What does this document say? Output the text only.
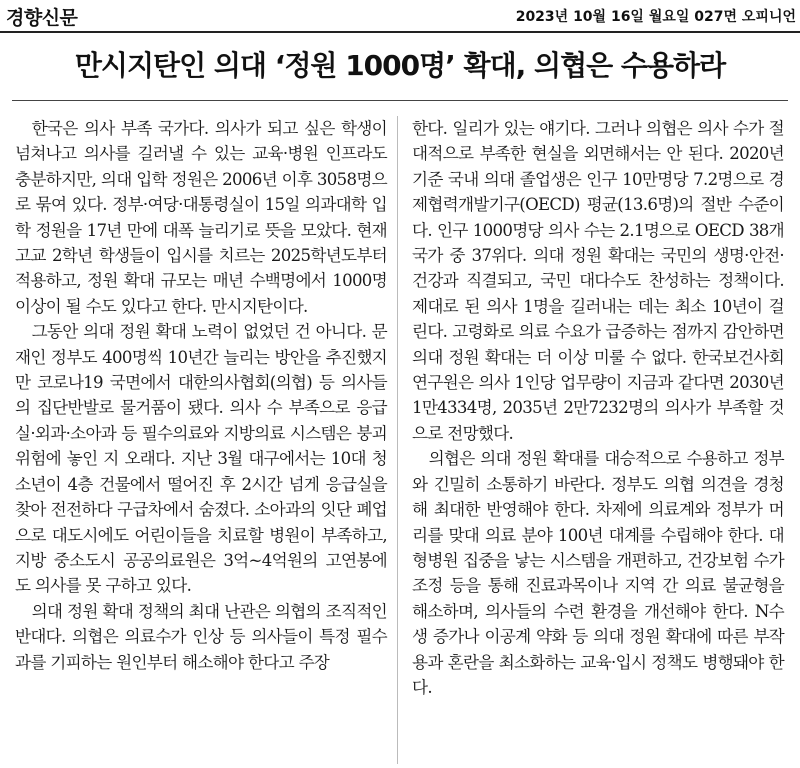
경향신문	2023년 10월 16일 월요일 027면 오피니언
만시지탄인 의대 ‘정원 1000명’ 확대, 의협은 수용하라

한국은 의사 부족 국가다. 의사가 되고 싶은 학생이 넘쳐나고 의사를 길러낼 수 있는 교육·병원 인프라도 충분하지만, 의대 입학 정원은 2006년 이후 3058명으로 묶여 있다. 정부·여당·대통령실이 15일 의과대학 입학 정원을 17년 만에 대폭 늘리기로 뜻을 모았다. 현재 고교 2학년 학생들이 입시를 치르는 2025학년도부터 적용하고, 정원 확대 규모는 매년 수백명에서 1000명 이상이 될 수도 있다고 한다. 만시지탄이다.

그동안 의대 정원 확대 노력이 없었던 건 아니다. 문재인 정부도 400명씩 10년간 늘리는 방안을 추진했지만 코로나19 국면에서 대한의사협회(의협) 등 의사들의 집단반발로 물거품이 됐다. 의사 수 부족으로 응급실·외과·소아과 등 필수의료와 지방의료 시스템은 붕괴 위험에 놓인 지 오래다. 지난 3월 대구에서는 10대 청소년이 4층 건물에서 떨어진 후 2시간 넘게 응급실을 찾아 전전하다 구급차에서 숨졌다. 소아과의 잇단 폐업으로 대도시에도 어린이들을 치료할 병원이 부족하고, 지방 중소도시 공공의료원은 3억~4억원의 고연봉에도 의사를 못 구하고 있다.

의대 정원 확대 정책의 최대 난관은 의협의 조직적인 반대다. 의협은 의료수가 인상 등 의사들이 특정 필수과를 기피하는 원인부터 해소해야 한다고 주장

한다. 일리가 있는 얘기다. 그러나 의협은 의사 수가 절대적으로 부족한 현실을 외면해서는 안 된다. 2020년 기준 국내 의대 졸업생은 인구 10만명당 7.2명으로 경제협력개발기구(OECD) 평균(13.6명)의 절반 수준이다. 인구 1000명당 의사 수는 2.1명으로 OECD 38개 국가 중 37위다. 의대 정원 확대는 국민의 생명·안전·건강과 직결되고, 국민 대다수도 찬성하는 정책이다. 제대로 된 의사 1명을 길러내는 데는 최소 10년이 걸린다. 고령화로 의료 수요가 급증하는 점까지 감안하면 의대 정원 확대는 더 이상 미룰 수 없다. 한국보건사회연구원은 의사 1인당 업무량이 지금과 같다면 2030년 1만4334명, 2035년 2만7232명의 의사가 부족할 것으로 전망했다.

의협은 의대 정원 확대를 대승적으로 수용하고 정부와 긴밀히 소통하기 바란다. 정부도 의협 의견을 경청해 최대한 반영해야 한다. 차제에 의료계와 정부가 머리를 맞대 의료 분야 100년 대계를 수립해야 한다. 대형병원 집중을 낳는 시스템을 개편하고, 건강보험 수가 조정 등을 통해 진료과목이나 지역 간 의료 불균형을 해소하며, 의사들의 수련 환경을 개선해야 한다. N수생 증가나 이공계 약화 등 의대 정원 확대에 따른 부작용과 혼란을 최소화하는 교육·입시 정책도 병행돼야 한다.
